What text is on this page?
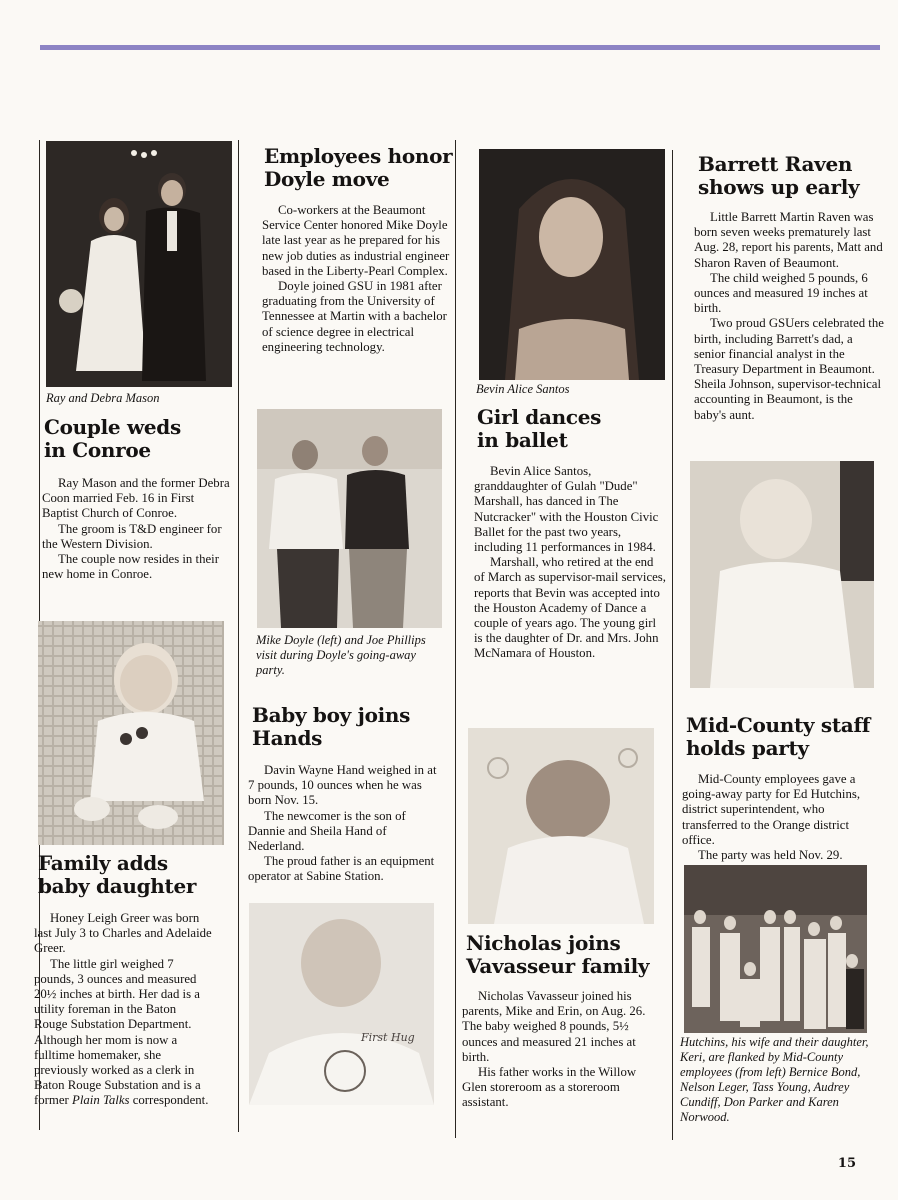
Ray and Debra Mason
Couple weds in Conroe

Ray Mason and the former Debra Coon married Feb. 16 in First Baptist Church of Conroe.

The groom is T&D engineer for the Western Division.

The couple now resides in their new home in Conroe.

Family adds baby daughter

Honey Leigh Greer was born last July 3 to Charles and Adelaide Greer.

The little girl weighed 7 pounds, 3 ounces and measured 20½ inches at birth. Her dad is a utility foreman in the Baton Rouge Substation Department. Although her mom is now a fulltime homemaker, she previously worked as a clerk in Baton Rouge Substation and is a former Plain Talks correspondent.

Employees honor Doyle move

Co-workers at the Beaumont Service Center honored Mike Doyle late last year as he prepared for his new job duties as industrial engineer based in the Liberty-Pearl Complex.

Doyle joined GSU in 1981 after graduating from the University of Tennessee at Martin with a bachelor of science degree in electrical engineering technology.

Mike Doyle (left) and Joe Phillips visit during Doyle's going-away party.
Baby boy joins Hands

Davin Wayne Hand weighed in at 7 pounds, 10 ounces when he was born Nov. 15.

The newcomer is the son of Dannie and Sheila Hand of Nederland.

The proud father is an equipment operator at Sabine Station.

First Hug
Bevin Alice Santos
Girl dances in ballet

Bevin Alice Santos, granddaughter of Gulah "Dude" Marshall, has danced in The Nutcracker" with the Houston Civic Ballet for the past two years, including 11 performances in 1984.

Marshall, who retired at the end of March as supervisor-mail services, reports that Bevin was accepted into the Houston Academy of Dance a couple of years ago. The young girl is the daughter of Dr. and Mrs. John McNamara of Houston.

Nicholas joins Vavasseur family

Nicholas Vavasseur joined his parents, Mike and Erin, on Aug. 26. The baby weighed 8 pounds, 5½ ounces and measured 21 inches at birth.

His father works in the Willow Glen storeroom as a storeroom assistant.

Barrett Raven shows up early

Little Barrett Martin Raven was born seven weeks prematurely last Aug. 28, report his parents, Matt and Sharon Raven of Beaumont.

The child weighed 5 pounds, 6 ounces and measured 19 inches at birth.

Two proud GSUers celebrated the birth, including Barrett's dad, a senior financial analyst in the Treasury Department in Beaumont. Sheila Johnson, supervisor-technical accounting in Beaumont, is the baby's aunt.

Mid-County staff holds party

Mid-County employees gave a going-away party for Ed Hutchins, district superintendent, who transferred to the Orange district office.

The party was held Nov. 29.

Hutchins, his wife and their daughter, Keri, are flanked by Mid-County employees (from left) Bernice Bond, Nelson Leger, Tass Young, Audrey Cundiff, Don Parker and Karen Norwood.
15
